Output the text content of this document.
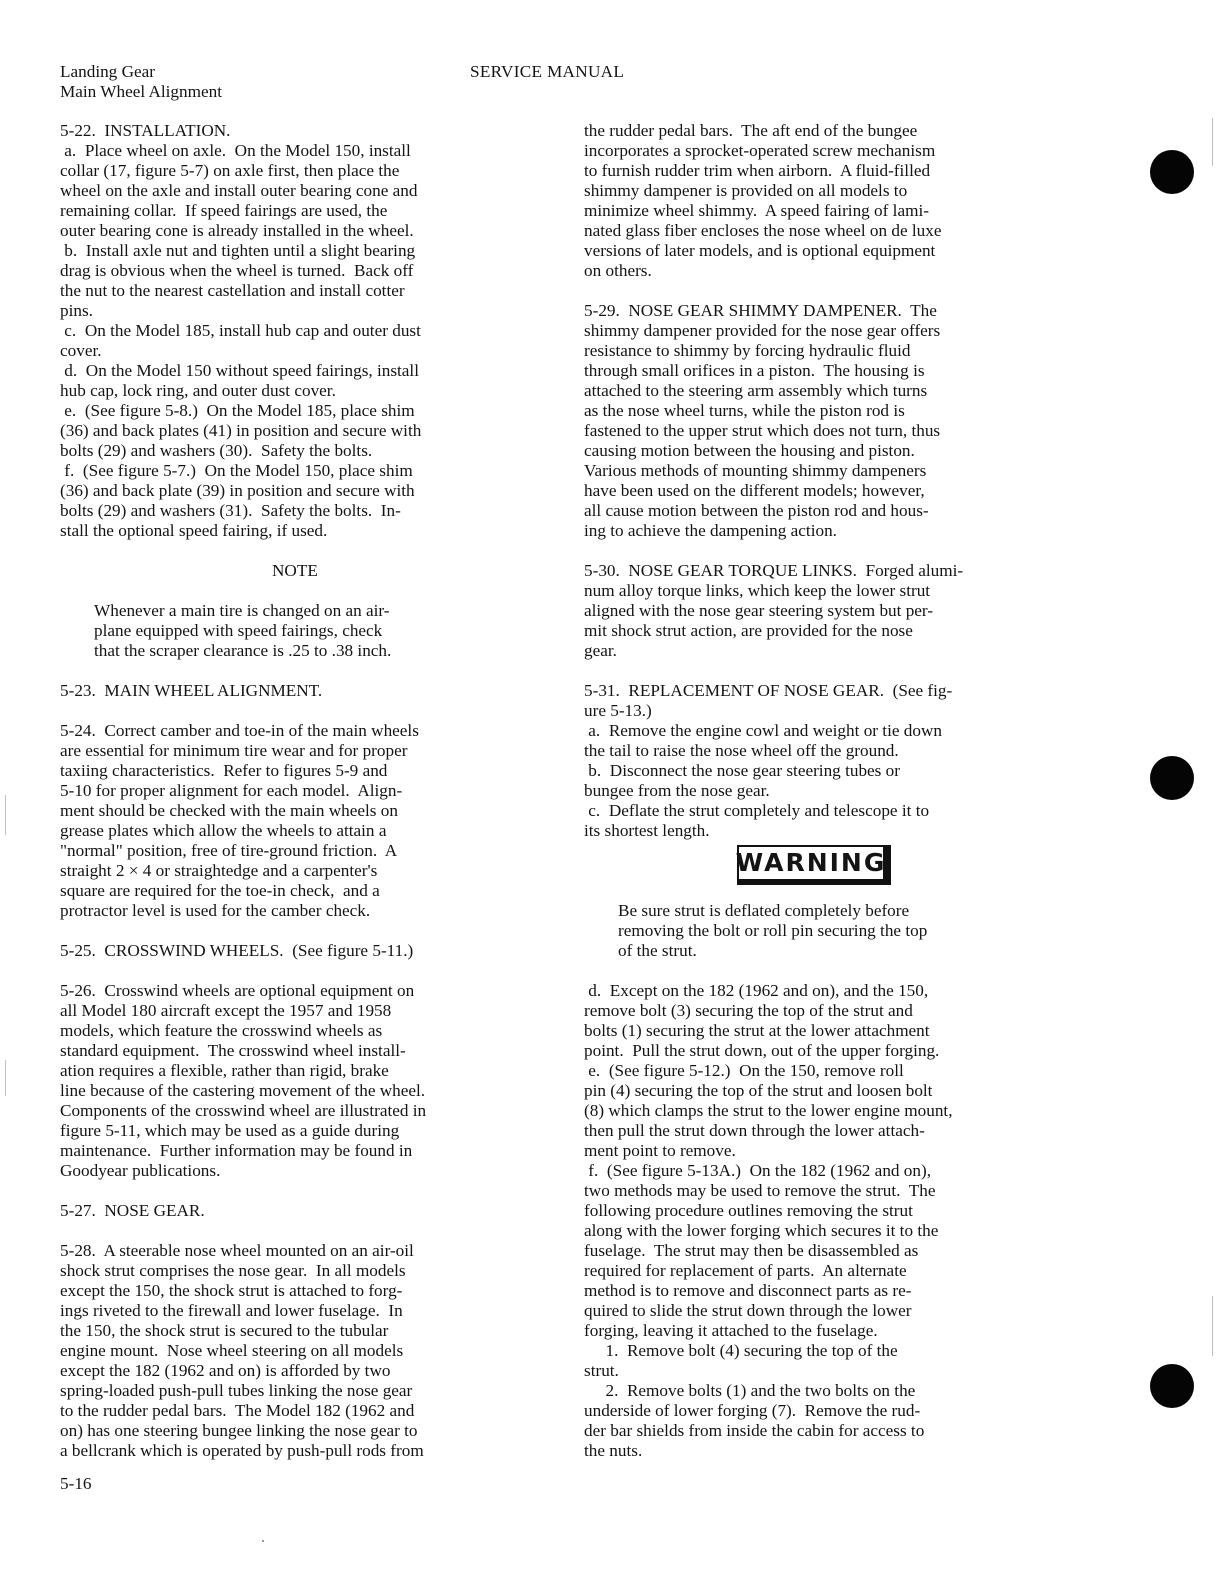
Landing Gear
Main Wheel Alignment
SERVICE MANUAL
5-22.  INSTALLATION.
a.  Place wheel on axle.  On the Model 150, install
collar (17, figure 5-7) on axle first, then place the
wheel on the axle and install outer bearing cone and
remaining collar.  If speed fairings are used, the
outer bearing cone is already installed in the wheel.
b.  Install axle nut and tighten until a slight bearing
drag is obvious when the wheel is turned.  Back off
the nut to the nearest castellation and install cotter
pins.
c.  On the Model 185, install hub cap and outer dust
cover.
d.  On the Model 150 without speed fairings, install
hub cap, lock ring, and outer dust cover.
e.  (See figure 5-8.)  On the Model 185, place shim
(36) and back plates (41) in position and secure with
bolts (29) and washers (30).  Safety the bolts.
f.  (See figure 5-7.)  On the Model 150, place shim
(36) and back plate (39) in position and secure with
bolts (29) and washers (31).  Safety the bolts.  In-
stall the optional speed fairing, if used.
NOTE
Whenever a main tire is changed on an air-
plane equipped with speed fairings, check
that the scraper clearance is .25 to .38 inch.
5-23.  MAIN WHEEL ALIGNMENT.
5-24.  Correct camber and toe-in of the main wheels
are essential for minimum tire wear and for proper
taxiing characteristics.  Refer to figures 5-9 and
5-10 for proper alignment for each model.  Align-
ment should be checked with the main wheels on
grease plates which allow the wheels to attain a
"normal" position, free of tire-ground friction.  A
straight 2 × 4 or straightedge and a carpenter's
square are required for the toe-in check,  and a
protractor level is used for the camber check.
5-25.  CROSSWIND WHEELS.  (See figure 5-11.)
5-26.  Crosswind wheels are optional equipment on
all Model 180 aircraft except the 1957 and 1958
models, which feature the crosswind wheels as
standard equipment.  The crosswind wheel install-
ation requires a flexible, rather than rigid, brake
line because of the castering movement of the wheel.
Components of the crosswind wheel are illustrated in
figure 5-11, which may be used as a guide during
maintenance.  Further information may be found in
Goodyear publications.
5-27.  NOSE GEAR.
5-28.  A steerable nose wheel mounted on an air-oil
shock strut comprises the nose gear.  In all models
except the 150, the shock strut is attached to forg-
ings riveted to the firewall and lower fuselage.  In
the 150, the shock strut is secured to the tubular
engine mount.  Nose wheel steering on all models
except the 182 (1962 and on) is afforded by two
spring-loaded push-pull tubes linking the nose gear
to the rudder pedal bars.  The Model 182 (1962 and
on) has one steering bungee linking the nose gear to
a bellcrank which is operated by push-pull rods from
the rudder pedal bars.  The aft end of the bungee
incorporates a sprocket-operated screw mechanism
to furnish rudder trim when airborn.  A fluid-filled
shimmy dampener is provided on all models to
minimize wheel shimmy.  A speed fairing of lami-
nated glass fiber encloses the nose wheel on de luxe
versions of later models, and is optional equipment
on others.
5-29.  NOSE GEAR SHIMMY DAMPENER.  The
shimmy dampener provided for the nose gear offers
resistance to shimmy by forcing hydraulic fluid
through small orifices in a piston.  The housing is
attached to the steering arm assembly which turns
as the nose wheel turns, while the piston rod is
fastened to the upper strut which does not turn, thus
causing motion between the housing and piston.
Various methods of mounting shimmy dampeners
have been used on the different models; however,
all cause motion between the piston rod and hous-
ing to achieve the dampening action.
5-30.  NOSE GEAR TORQUE LINKS.  Forged alumi-
num alloy torque links, which keep the lower strut
aligned with the nose gear steering system but per-
mit shock strut action, are provided for the nose
gear.
5-31.  REPLACEMENT OF NOSE GEAR.  (See fig-
ure 5-13.)
a.  Remove the engine cowl and weight or tie down
the tail to raise the nose wheel off the ground.
b.  Disconnect the nose gear steering tubes or
bungee from the nose gear.
c.  Deflate the strut completely and telescope it to
its shortest length.
WARNING
Be sure strut is deflated completely before
removing the bolt or roll pin securing the top
of the strut.
d.  Except on the 182 (1962 and on), and the 150,
remove bolt (3) securing the top of the strut and
bolts (1) securing the strut at the lower attachment
point.  Pull the strut down, out of the upper forging.
e.  (See figure 5-12.)  On the 150, remove roll
pin (4) securing the top of the strut and loosen bolt
(8) which clamps the strut to the lower engine mount,
then pull the strut down through the lower attach-
ment point to remove.
f.  (See figure 5-13A.)  On the 182 (1962 and on),
two methods may be used to remove the strut.  The
following procedure outlines removing the strut
along with the lower forging which secures it to the
fuselage.  The strut may then be disassembled as
required for replacement of parts.  An alternate
method is to remove and disconnect parts as re-
quired to slide the strut down through the lower
forging, leaving it attached to the fuselage.
1.  Remove bolt (4) securing the top of the
strut.
2.  Remove bolts (1) and the two bolts on the
underside of lower forging (7).  Remove the rud-
der bar shields from inside the cabin for access to
the nuts.
5-16
